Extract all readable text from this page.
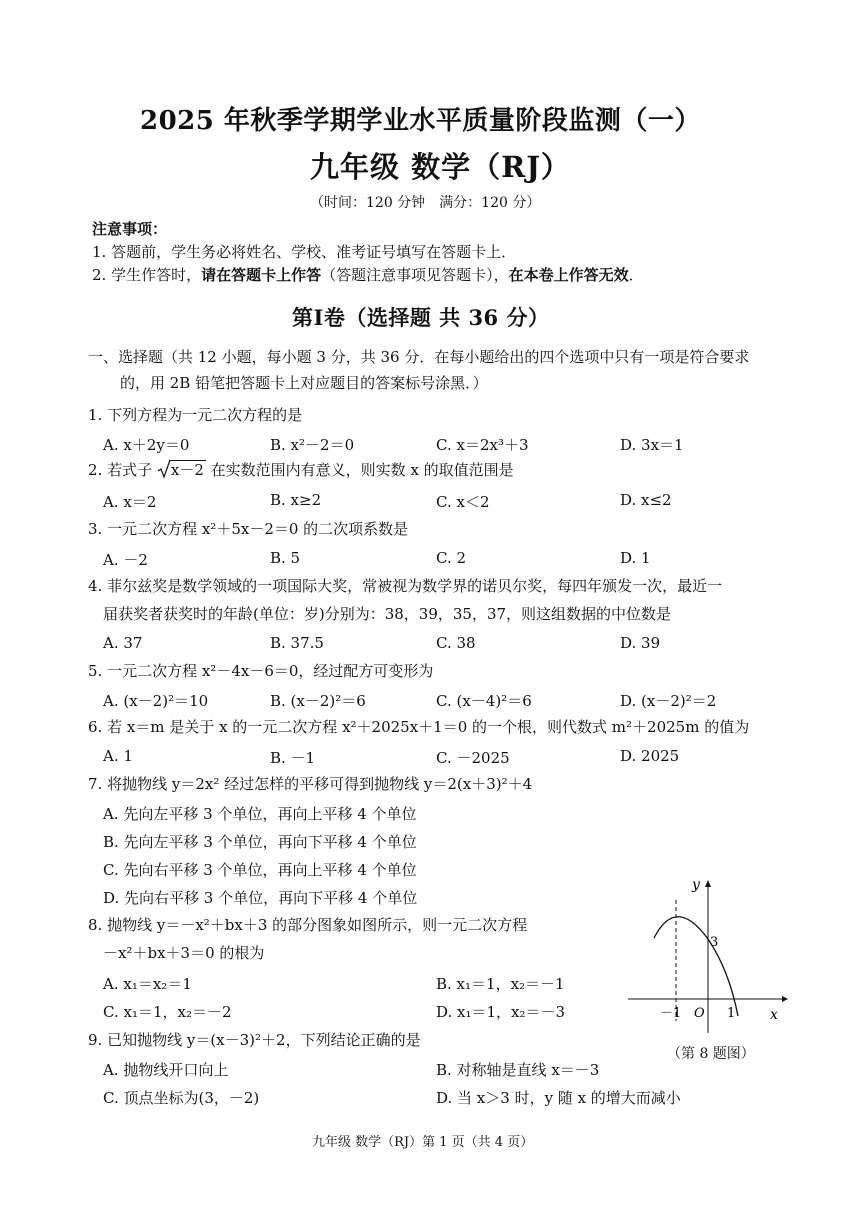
2025 年秋季学期学业水平质量阶段监测（一）
九年级 数学（RJ）
（时间：120 分钟　满分：120 分）
注意事项：
1. 答题前，学生务必将姓名、学校、准考证号填写在答题卡上．
2. 学生作答时，请在答题卡上作答（答题注意事项见答题卡），在本卷上作答无效．
第Ⅰ卷（选择题 共 36 分）
一、选择题（共 12 小题，每小题 3 分，共 36 分．在每小题给出的四个选项中只有一项是符合要求
的，用 2B 铅笔把答题卡上对应题目的答案标号涂黑．）
1. 下列方程为一元二次方程的是
A. x＋2y＝0	B. x²－2＝0	C. x＝2x³＋3	D. 3x＝1
2. 若式子 x－2 在实数范围内有意义，则实数 x 的取值范围是
A. x＝2	B. x≥2	C. x＜2	D. x≤2
3. 一元二次方程 x²＋5x－2＝0 的二次项系数是
A. －2	B. 5	C. 2	D. 1
4. 菲尔兹奖是数学领域的一项国际大奖，常被视为数学界的诺贝尔奖，每四年颁发一次，最近一
届获奖者获奖时的年龄(单位：岁)分别为：38，39，35，37，则这组数据的中位数是
A. 37	B. 37.5	C. 38	D. 39
5. 一元二次方程 x²－4x－6＝0，经过配方可变形为
A. (x－2)²＝10	B. (x－2)²＝6	C. (x－4)²＝6	D. (x－2)²＝2
6. 若 x＝m 是关于 x 的一元二次方程 x²＋2025x＋1＝0 的一个根，则代数式 m²＋2025m 的值为
A. 1	B. －1	C. －2025	D. 2025
7. 将抛物线 y＝2x² 经过怎样的平移可得到抛物线 y＝2(x＋3)²＋4
A. 先向左平移 3 个单位，再向上平移 4 个单位
B. 先向左平移 3 个单位，再向下平移 4 个单位
C. 先向右平移 3 个单位，再向上平移 4 个单位
D. 先向右平移 3 个单位，再向下平移 4 个单位
8. 抛物线 y＝－x²＋bx＋3 的部分图象如图所示，则一元二次方程
－x²＋bx＋3＝0 的根为
A. x₁＝x₂＝1	B. x₁＝1，x₂＝－1
C. x₁＝1，x₂＝－2	D. x₁＝1，x₂＝－3
y
x
3
－1 O 1
（第 8 题图）
9. 已知抛物线 y＝(x－3)²＋2，下列结论正确的是
A. 抛物线开口向上	B. 对称轴是直线 x＝－3
C. 顶点坐标为(3，－2)	D. 当 x＞3 时，y 随 x 的增大而减小
九年级 数学（RJ）第 1 页（共 4 页）
